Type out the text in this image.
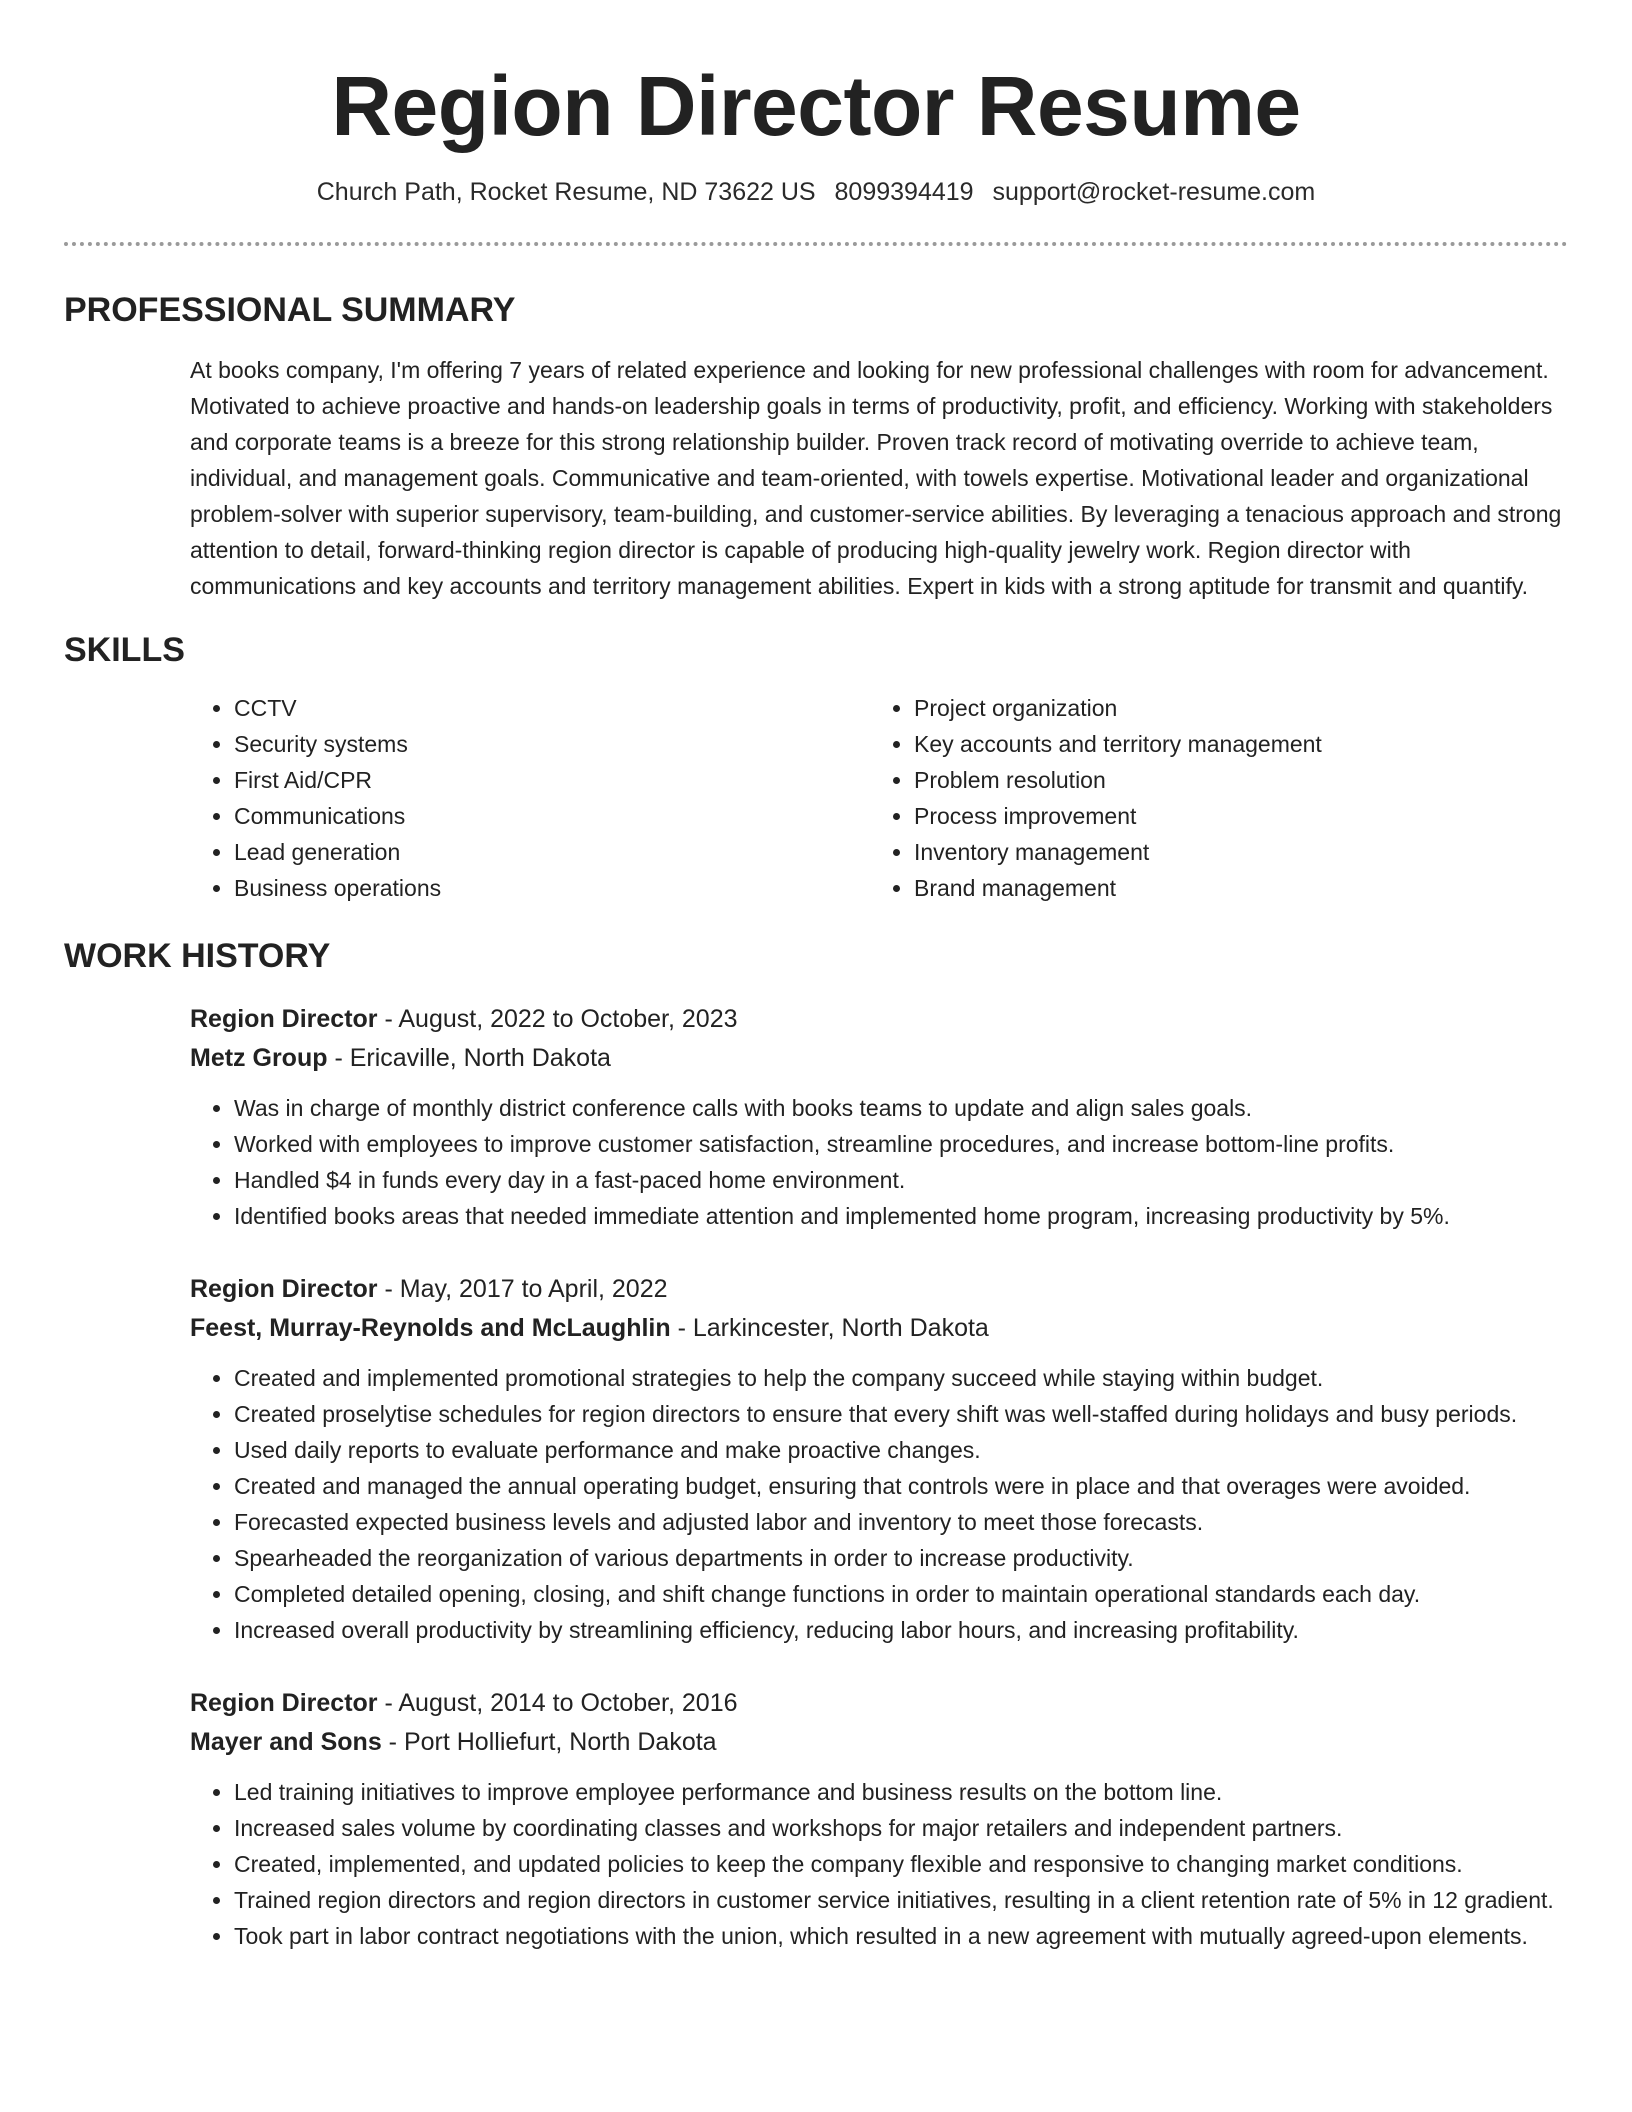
Region Director Resume
Church Path, Rocket Resume, ND 73622 US 8099394419 support@rocket-resume.com
PROFESSIONAL SUMMARY

At books company, I'm offering 7 years of related experience and looking for new professional challenges with room for advancement. Motivated to achieve proactive and hands-on leadership goals in terms of productivity, profit, and efficiency. Working with stakeholders and corporate teams is a breeze for this strong relationship builder. Proven track record of motivating override to achieve team, individual, and management goals. Communicative and team-oriented, with towels expertise. Motivational leader and organizational problem-solver with superior supervisory, team-building, and customer-service abilities. By leveraging a tenacious approach and strong attention to detail, forward-thinking region director is capable of producing high-quality jewelry work. Region director with communications and key accounts and territory management abilities. Expert in kids with a strong aptitude for transmit and quantify.

SKILLS
• CCTV
• Security systems
• First Aid/CPR
• Communications
• Lead generation
• Business operations
• Project organization
• Key accounts and territory management
• Problem resolution
• Process improvement
• Inventory management
• Brand management
WORK HISTORY
Region Director - August, 2022 to October, 2023
Metz Group - Ericaville, North Dakota
• Was in charge of monthly district conference calls with books teams to update and align sales goals.
• Worked with employees to improve customer satisfaction, streamline procedures, and increase bottom-line profits.
• Handled $4 in funds every day in a fast-paced home environment.
• Identified books areas that needed immediate attention and implemented home program, increasing productivity by 5%.
Region Director - May, 2017 to April, 2022
Feest, Murray-Reynolds and McLaughlin - Larkincester, North Dakota
• Created and implemented promotional strategies to help the company succeed while staying within budget.
• Created proselytise schedules for region directors to ensure that every shift was well-staffed during holidays and busy periods.
• Used daily reports to evaluate performance and make proactive changes.
• Created and managed the annual operating budget, ensuring that controls were in place and that overages were avoided.
• Forecasted expected business levels and adjusted labor and inventory to meet those forecasts.
• Spearheaded the reorganization of various departments in order to increase productivity.
• Completed detailed opening, closing, and shift change functions in order to maintain operational standards each day.
• Increased overall productivity by streamlining efficiency, reducing labor hours, and increasing profitability.
Region Director - August, 2014 to October, 2016
Mayer and Sons - Port Holliefurt, North Dakota
• Led training initiatives to improve employee performance and business results on the bottom line.
• Increased sales volume by coordinating classes and workshops for major retailers and independent partners.
• Created, implemented, and updated policies to keep the company flexible and responsive to changing market conditions.
• Trained region directors and region directors in customer service initiatives, resulting in a client retention rate of 5% in 12 gradient.
• Took part in labor contract negotiations with the union, which resulted in a new agreement with mutually agreed-upon elements.
